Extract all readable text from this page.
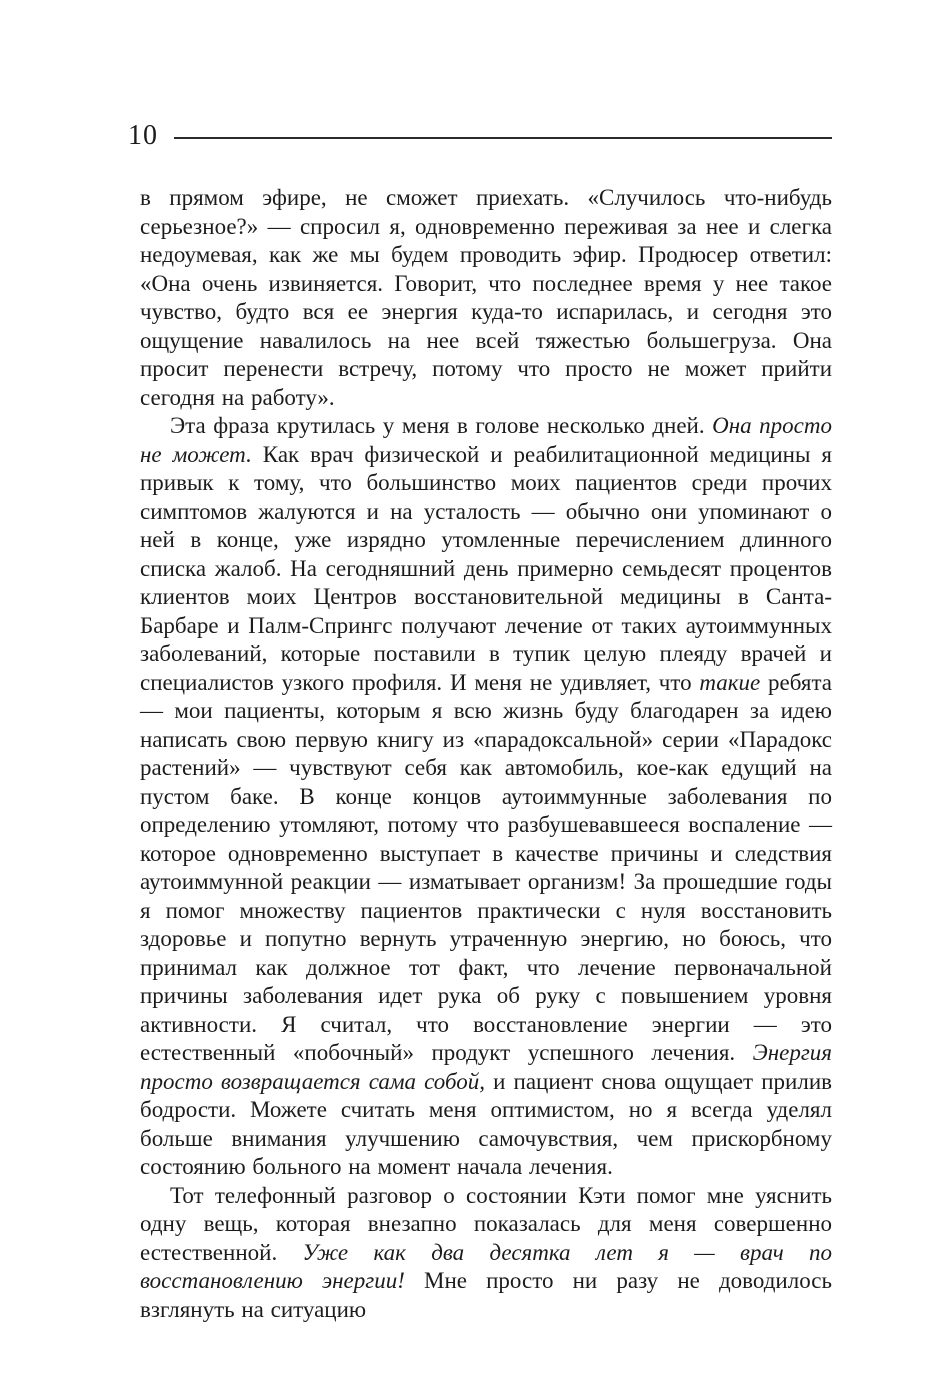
10

в прямом эфире, не сможет приехать. «Случилось что-нибудь серьезное?» — спросил я, одновременно переживая за нее и слегка недоумевая, как же мы будем проводить эфир. Продюсер ответил: «Она очень извиняется. Говорит, что последнее время у нее такое чувство, будто вся ее энергия куда-то испарилась, и сегодня это ощущение навалилось на нее всей тяжестью большегруза. Она просит перенести встречу, потому что просто не может прийти сегодня на работу».

Эта фраза крутилась у меня в голове несколько дней. Она просто не может. Как врач физической и реабилитационной медицины я привык к тому, что большинство моих пациентов среди прочих симптомов жалуются и на усталость — обычно они упоминают о ней в конце, уже изрядно утомленные перечислением длинного списка жалоб. На сегодняшний день примерно семьдесят процентов клиентов моих Центров восстановительной медицины в Санта-Барбаре и Палм-Спрингс получают лечение от таких аутоиммунных заболеваний, которые поставили в тупик целую плеяду врачей и специалистов узкого профиля. И меня не удивляет, что такие ребята — мои пациенты, которым я всю жизнь буду благодарен за идею написать свою первую книгу из «парадоксальной» серии «Парадокс растений» — чувствуют себя как автомобиль, кое-как едущий на пустом баке. В конце концов аутоиммунные заболевания по определению утомляют, потому что разбушевавшееся воспаление — которое одновременно выступает в качестве причины и следствия аутоиммунной реакции — изматывает организм! За прошедшие годы я помог множеству пациентов практически с нуля восстановить здоровье и попутно вернуть утраченную энергию, но боюсь, что принимал как должное тот факт, что лечение первоначальной причины заболевания идет рука об руку с повышением уровня активности. Я считал, что восстановление энергии — это естественный «побочный» продукт успешного лечения. Энергия просто возвращается сама собой, и пациент снова ощущает прилив бодрости. Можете считать меня оптимистом, но я всегда уделял больше внимания улучшению самочувствия, чем прискорбному состоянию больного на момент начала лечения.

Тот телефонный разговор о состоянии Кэти помог мне уяснить одну вещь, которая внезапно показалась для меня совершенно естественной. Уже как два десятка лет я — врач по восстановлению энергии! Мне просто ни разу не доводилось взглянуть на ситуацию
